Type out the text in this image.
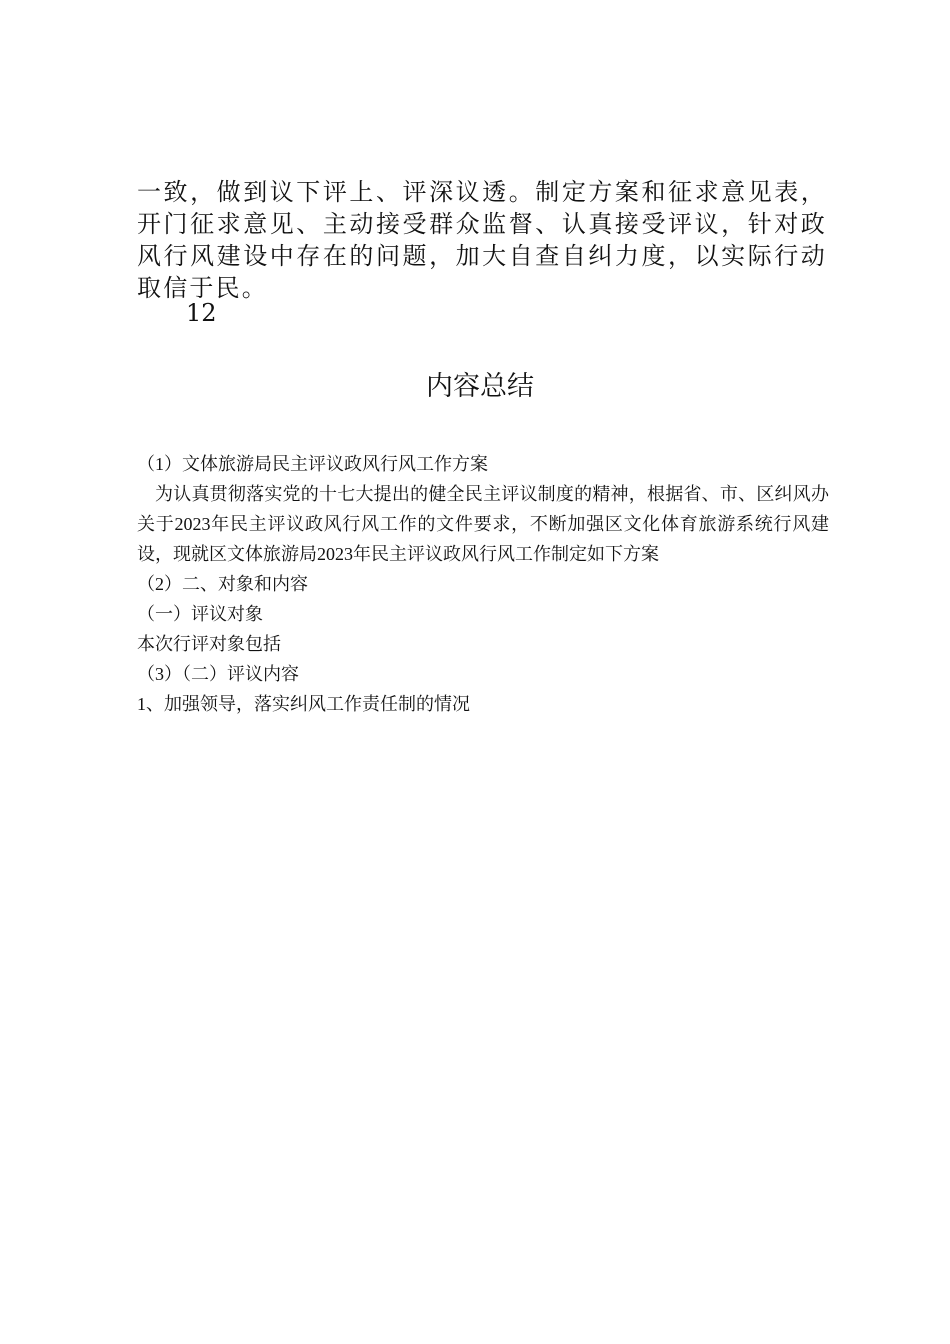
一致，做到议下评上、评深议透。制定方案和征求意见表，开门征求意见、主动接受群众监督、认真接受评议，针对政风行风建设中存在的问题，加大自查自纠力度，以实际行动取信于民。

12

内容总结

（1）文体旅游局民主评议政风行风工作方案

为认真贯彻落实党的十七大提出的健全民主评议制度的精神，根据省、市、区纠风办关于2023年民主评议政风行风工作的文件要求，不断加强区文化体育旅游系统行风建设，现就区文体旅游局2023年民主评议政风行风工作制定如下方案

（2）二、对象和内容

（一）评议对象

本次行评对象包括

（3）（二）评议内容

1、加强领导，落实纠风工作责任制的情况
